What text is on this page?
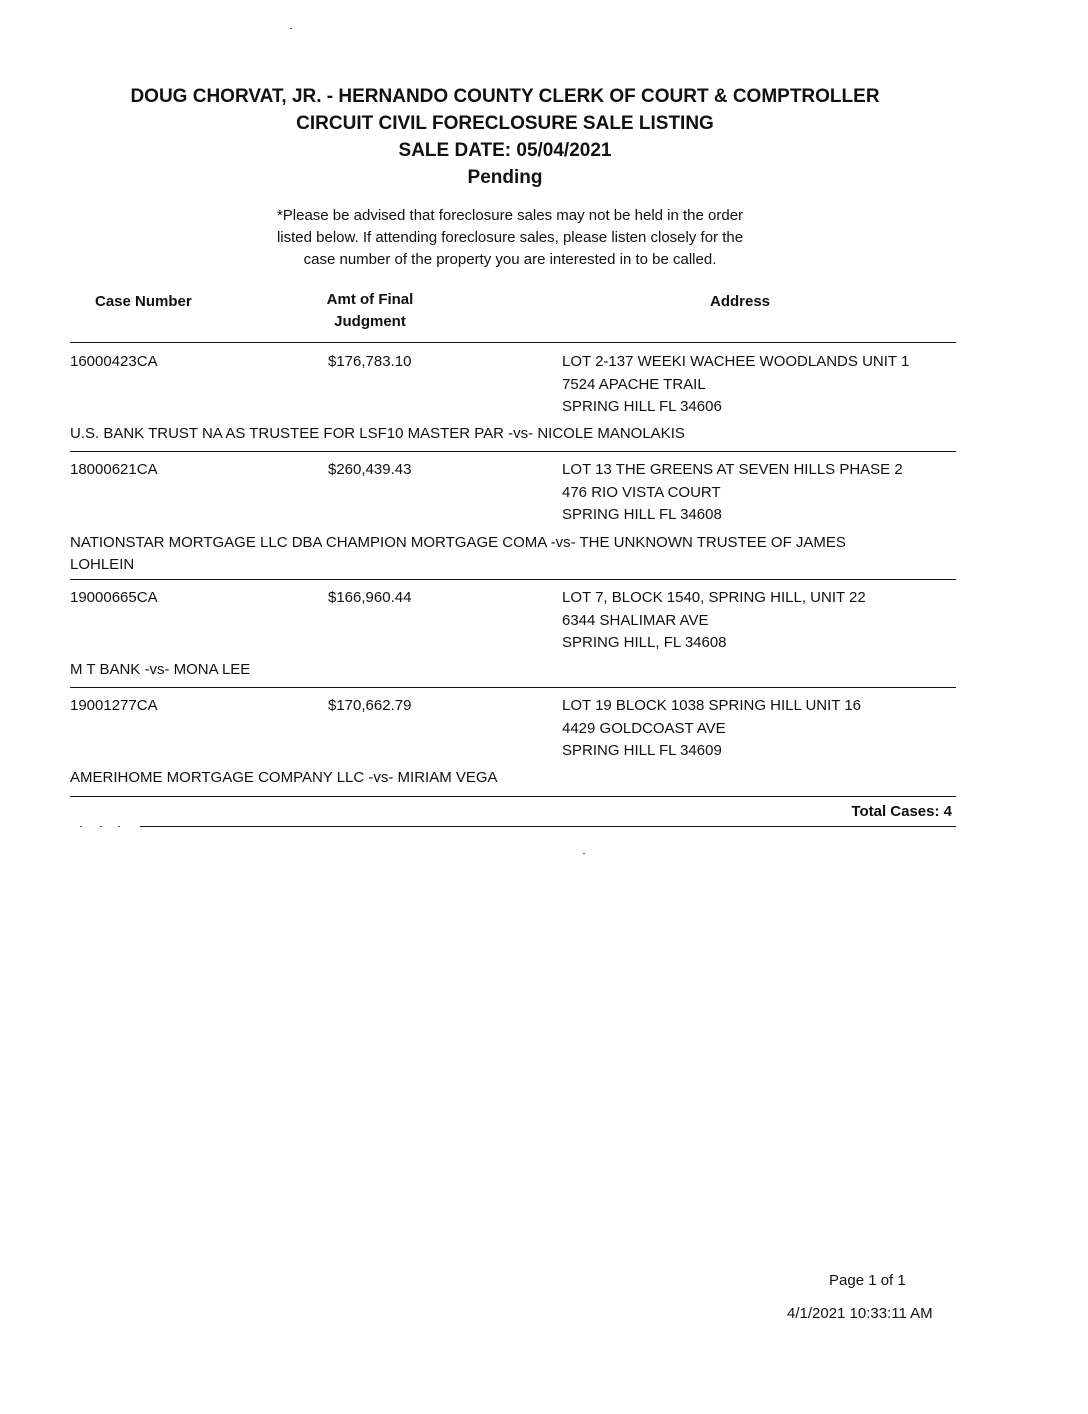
DOUG CHORVAT, JR. - HERNANDO COUNTY CLERK OF COURT & COMPTROLLER
CIRCUIT CIVIL FORECLOSURE SALE LISTING
SALE DATE: 05/04/2021
Pending
*Please be advised that foreclosure sales may not be held in the order
listed below. If attending foreclosure sales, please listen closely for the
case number of the property you are interested in to be called.
Case Number	Amt of Final
Judgment
Address
16000423CA	$176,783.10	LOT 2-137 WEEKI WACHEE WOODLANDS UNIT 1
7524 APACHE TRAIL
SPRING HILL FL 34606
U.S. BANK TRUST NA AS TRUSTEE FOR LSF10 MASTER PAR -vs- NICOLE MANOLAKIS
18000621CA	$260,439.43	LOT 13 THE GREENS AT SEVEN HILLS PHASE 2
476 RIO VISTA COURT
SPRING HILL FL 34608
NATIONSTAR MORTGAGE LLC DBA CHAMPION MORTGAGE COMA -vs- THE UNKNOWN TRUSTEE OF JAMES
LOHLEIN
19000665CA	$166,960.44	LOT 7, BLOCK 1540, SPRING HILL, UNIT 22
6344 SHALIMAR AVE
SPRING HILL, FL 34608
M T BANK -vs- MONA LEE
19001277CA	$170,662.79	LOT 19 BLOCK 1038 SPRING HILL UNIT 16
4429 GOLDCOAST AVE
SPRING HILL FL 34609
AMERIHOME MORTGAGE COMPANY LLC -vs- MIRIAM VEGA
Total Cases: 4
Page 1 of 1
4/1/2021 10:33:11 AM
